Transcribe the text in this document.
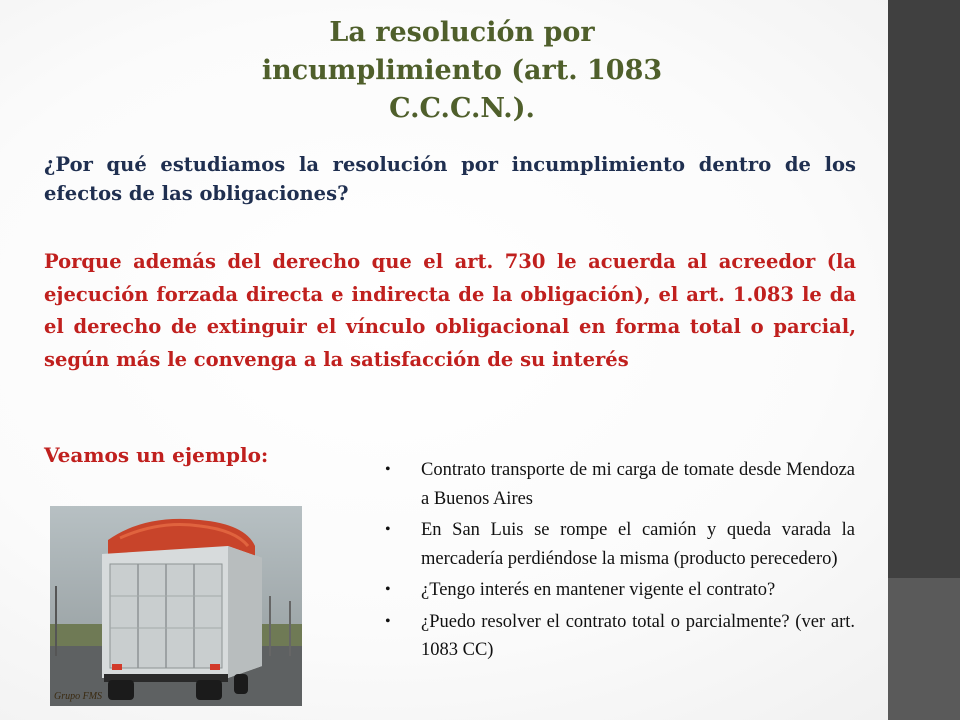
La resolución por incumplimiento (art. 1083 C.C.C.N.).

¿Por qué estudiamos la resolución por incumplimiento dentro de los efectos de las obligaciones?

Porque además del derecho que el art. 730 le acuerda al acreedor (la ejecución forzada directa e indirecta de la obligación), el art. 1.083 le da el derecho de extinguir el vínculo obligacional en forma total o parcial, según más le convenga a la satisfacción de su interés

Veamos un ejemplo:

Grupo FMS
•	Contrato transporte de mi carga de tomate desde Mendoza a Buenos Aires
•	En San Luis se rompe el camión y queda varada la mercadería perdiéndose la misma (producto perecedero)
•	¿Tengo interés en mantener vigente el contrato?
•	¿Puedo resolver el contrato total o parcialmente? (ver art. 1083 CC)
